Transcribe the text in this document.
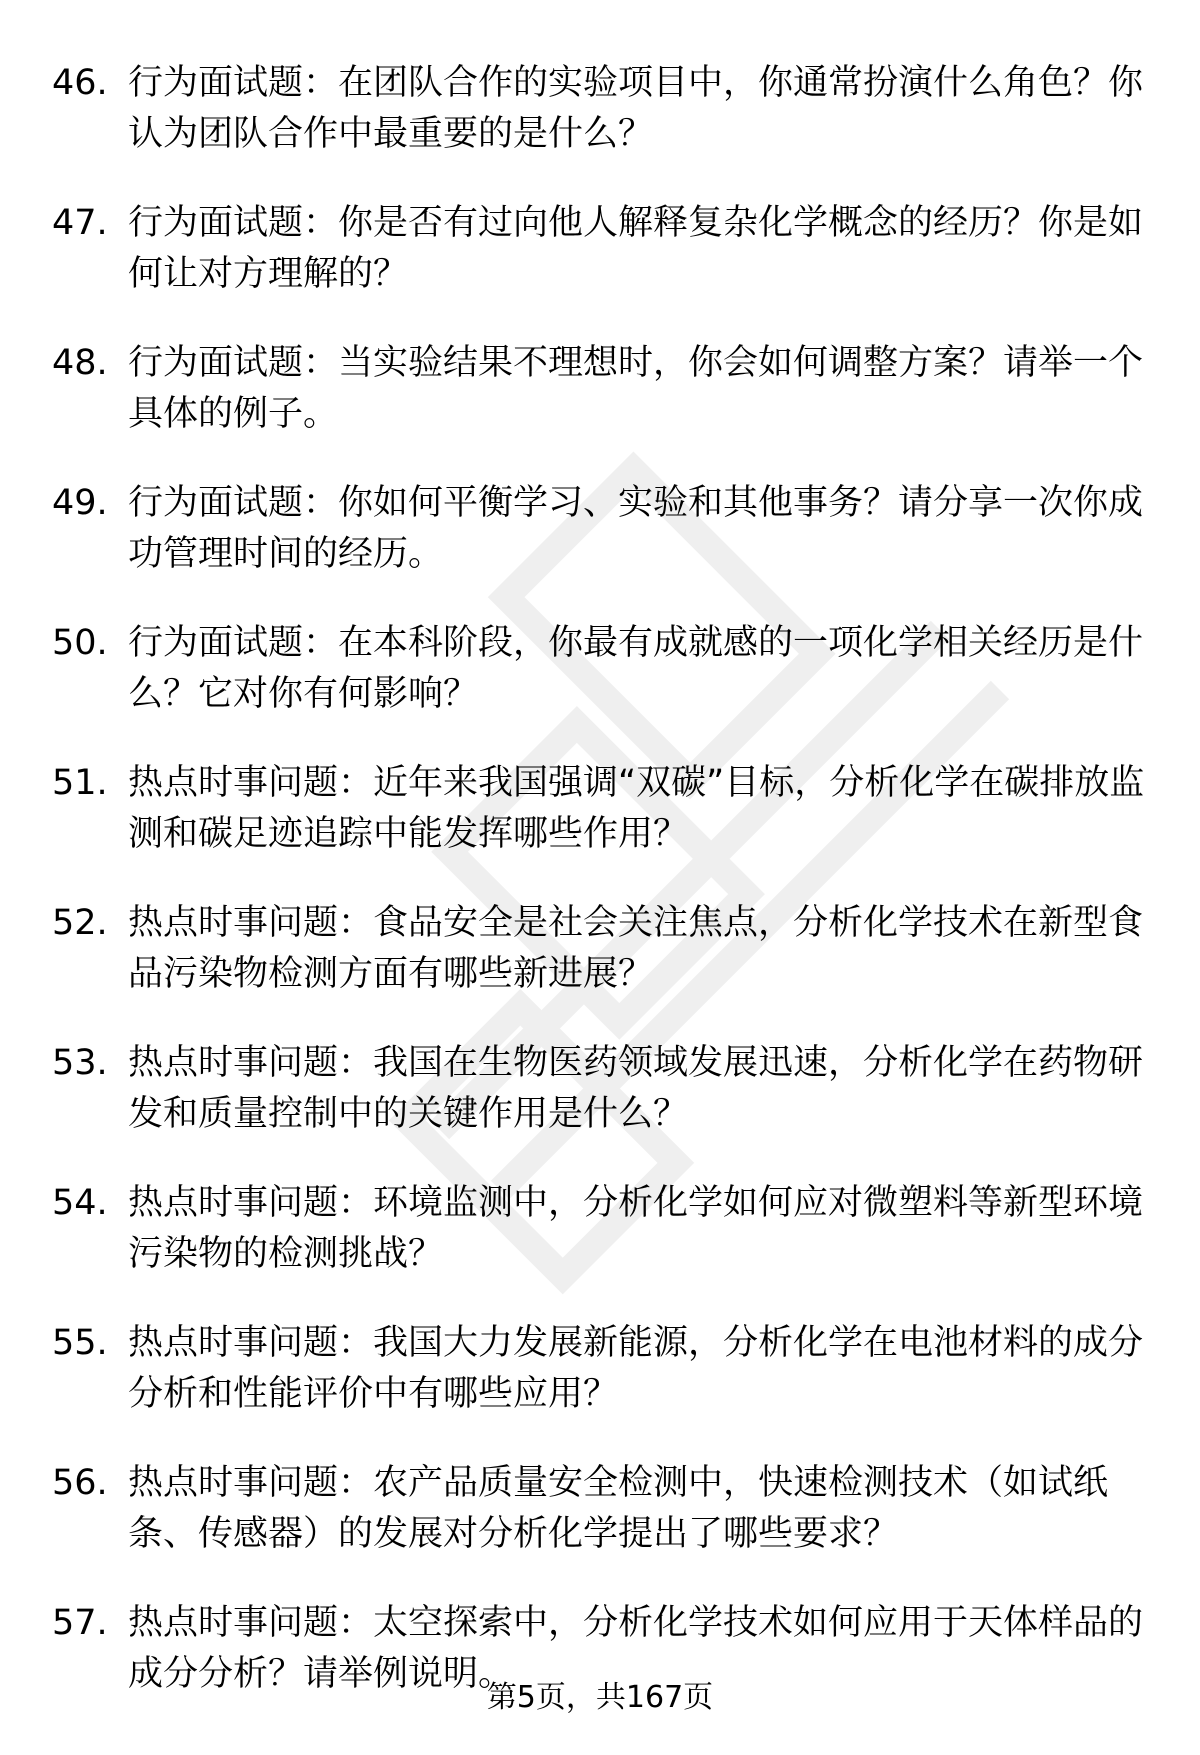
46. 行为面试题：在团队合作的实验项目中，你通常扮演什么角色？你认为团队合作中最重要的是什么？
47. 行为面试题：你是否有过向他人解释复杂化学概念的经历？你是如何让对方理解的？
48. 行为面试题：当实验结果不理想时，你会如何调整方案？请举一个具体的例子。
49. 行为面试题：你如何平衡学习、实验和其他事务？请分享一次你成功管理时间的经历。
50. 行为面试题：在本科阶段，你最有成就感的一项化学相关经历是什么？它对你有何影响？
51. 热点时事问题：近年来我国强调“双碳”目标，分析化学在碳排放监测和碳足迹追踪中能发挥哪些作用？
52. 热点时事问题：食品安全是社会关注焦点，分析化学技术在新型食品污染物检测方面有哪些新进展？
53. 热点时事问题：我国在生物医药领域发展迅速，分析化学在药物研发和质量控制中的关键作用是什么？
54. 热点时事问题：环境监测中，分析化学如何应对微塑料等新型环境污染物的检测挑战？
55. 热点时事问题：我国大力发展新能源，分析化学在电池材料的成分分析和性能评价中有哪些应用？
56. 热点时事问题：农产品质量安全检测中，快速检测技术（如试纸条、传感器）的发展对分析化学提出了哪些要求？
57. 热点时事问题：太空探索中，分析化学技术如何应用于天体样品的成分分析？请举例说明。
第5页，共167页
